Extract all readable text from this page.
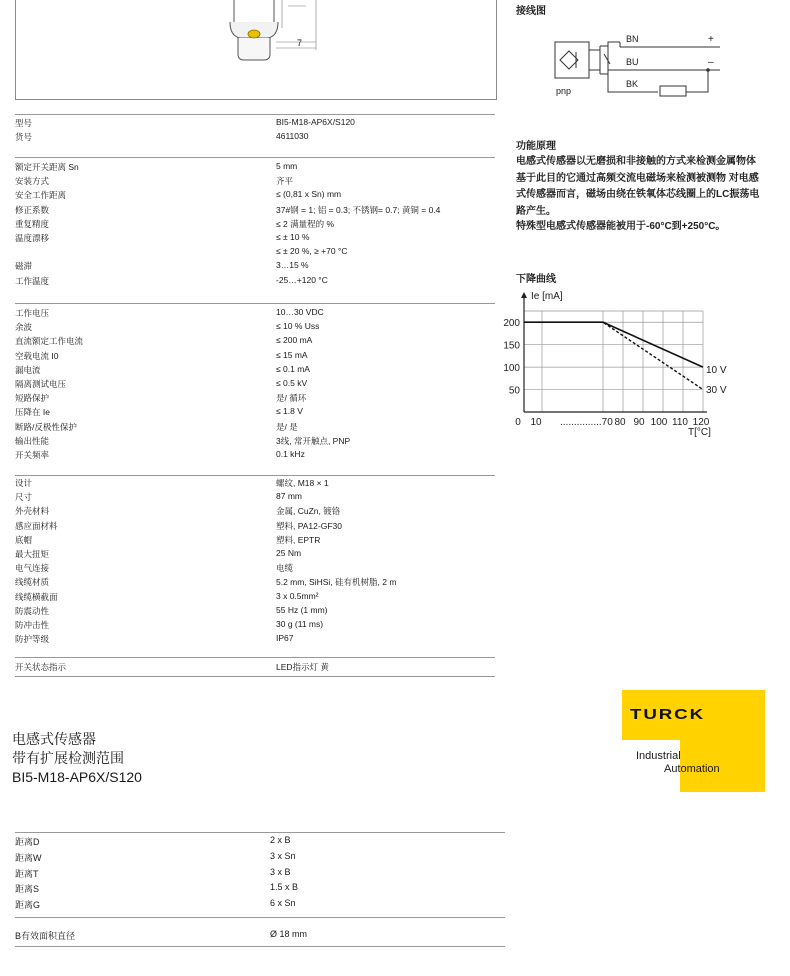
7
型号	BI5-M18-AP6X/S120
货号	4611030
额定开关距离 Sn	5 mm
安装方式	齐平
安全工作距离	≤ (0,81 x Sn) mm
修正系数	37#钢 = 1; 铝 = 0.3; 不锈钢= 0.7; 黄铜 = 0.4
重复精度	≤ 2 满量程的 %
温度漂移	≤ ± 10 %
≤ ± 20 %, ≥ +70 °C
磁滞	3…15 %
工作温度	-25…+120 °C
工作电压	10…30 VDC
余波	≤ 10 % Uss
直流额定工作电流	≤ 200 mA
空载电流 I0	≤ 15 mA
漏电流	≤ 0.1 mA
隔离测试电压	≤ 0.5 kV
短路保护	是/ 循环
压降在 Ie	≤ 1.8 V
断路/反极性保护	是/ 是
输出性能	3线, 常开触点, PNP
开关频率	0.1 kHz
设计	螺纹, M18 × 1
尺寸	87 mm
外壳材料	金属, CuZn, 镀铬
感应面材料	塑料, PA12-GF30
底帽	塑料, EPTR
最大扭矩	25 Nm
电气连接	电缆
线缆材质	5.2 mm, SiHSi, 硅有机树脂, 2 m
线缆横截面	3 x 0.5mm²
防震动性	55 Hz (1 mm)
防冲击性	30 g (11 ms)
防护等级	IP67
开关状态指示	LED指示灯 黄
接线图
BN
BU
BK
+
–
pnp
功能原理
电感式传感器以无磨损和非接触的方式来检测金属物体 基于此目的它通过高频交流电磁场来检测被测物 对电感式传感器而言，磁场由绕在铁氧体芯线圈上的LC振荡电路产生。
特殊型电感式传感器能被用于-60°C到+250°C。
下降曲线
200
150
100
50
0 10 ...............70 80 90 100 110 120
Ie [mA]
T[°C]
10 V
30 V
TURCK
Industrial
Automation
电感式传感器
带有扩展检测范围
BI5-M18-AP6X/S120
距离D	2 x B
距离W	3 x Sn
距离T	3 x B
距离S	1.5 x B
距离G	6 x Sn
B有效面积直径	Ø 18 mm
